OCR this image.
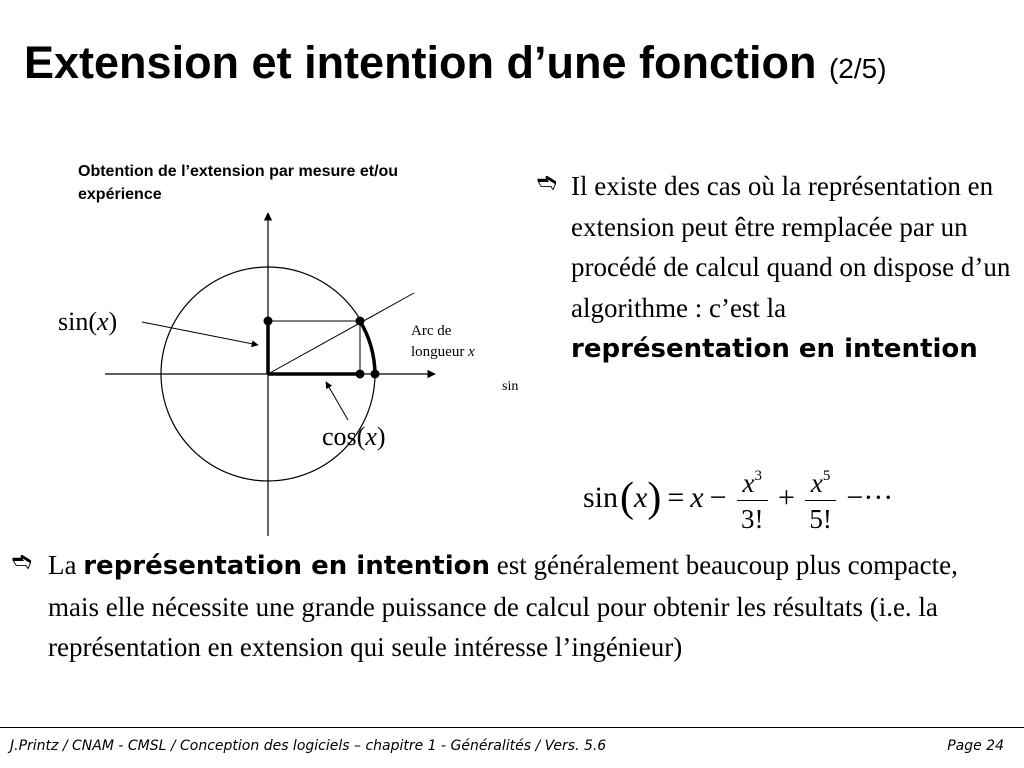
Extension et intention d’une fonction (2/5)
Obtention de l’extension par mesure et/ou expérience
sin(x)
cos(x)
Arc de
longueur x
sin
➬ Il existe des cas où la représentation en extension peut être remplacée par un procédé de calcul quand on dispose d’un algorithme : c’est la représentation en intention
sin ( x ) = $x - \frac{x^3}{3!} + \frac{x^5}{5!}$ −···
➬ La représentation en intention est généralement beaucoup plus compacte, mais elle nécessite une grande puissance de calcul pour obtenir les résultats (i.e. la représentation en extension qui seule intéresse l’ingénieur)
J.Printz / CNAM - CMSL / Conception des logiciels – chapitre 1 - Généralités / Vers. 5.6	Page 24
